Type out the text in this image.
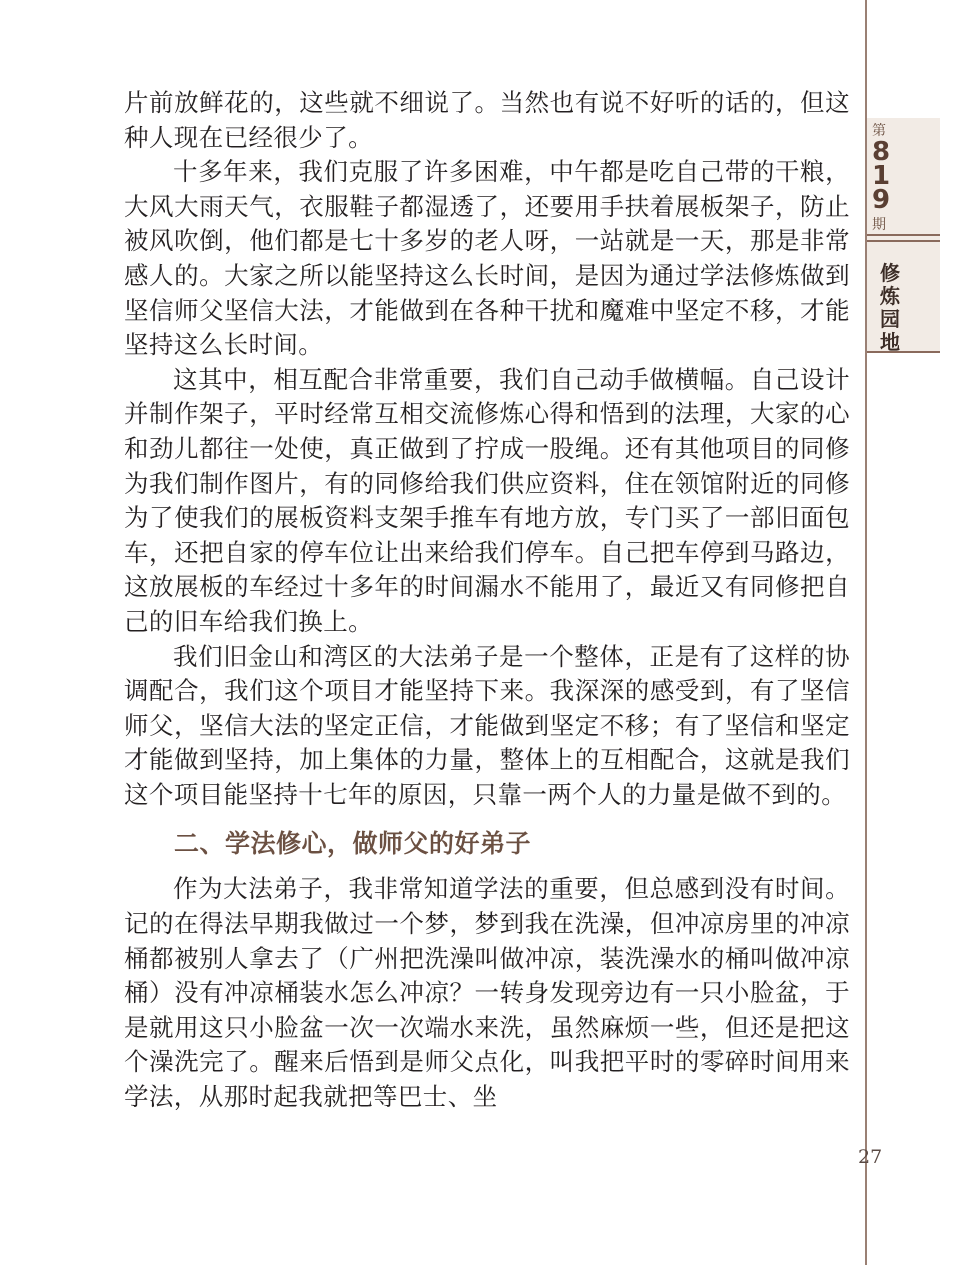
片前放鲜花的，这些就不细说了。当然也有说不好听的话的，但这种人现在已经很少了。

十多年来，我们克服了许多困难，中午都是吃自己带的干粮，大风大雨天气，衣服鞋子都湿透了，还要用手扶着展板架子，防止被风吹倒，他们都是七十多岁的老人呀，一站就是一天，那是非常感人的。大家之所以能坚持这么长时间，是因为通过学法修炼做到坚信师父坚信大法，才能做到在各种干扰和魔难中坚定不移，才能坚持这么长时间。

这其中，相互配合非常重要，我们自己动手做横幅。自己设计并制作架子，平时经常互相交流修炼心得和悟到的法理，大家的心和劲儿都往一处使，真正做到了拧成一股绳。还有其他项目的同修为我们制作图片，有的同修给我们供应资料，住在领馆附近的同修为了使我们的展板资料支架手推车有地方放，专门买了一部旧面包车，还把自家的停车位让出来给我们停车。自己把车停到马路边，这放展板的车经过十多年的时间漏水不能用了，最近又有同修把自己的旧车给我们换上。

我们旧金山和湾区的大法弟子是一个整体，正是有了这样的协调配合，我们这个项目才能坚持下来。我深深的感受到，有了坚信师父，坚信大法的坚定正信，才能做到坚定不移；有了坚信和坚定才能做到坚持，加上集体的力量，整体上的互相配合，这就是我们这个项目能坚持十七年的原因，只靠一两个人的力量是做不到的。

二、学法修心，做师父的好弟子

作为大法弟子，我非常知道学法的重要，但总感到没有时间。记的在得法早期我做过一个梦，梦到我在洗澡，但冲凉房里的冲凉桶都被别人拿去了（广州把洗澡叫做冲凉，装洗澡水的桶叫做冲凉桶）没有冲凉桶装水怎么冲凉？一转身发现旁边有一只小脸盆，于是就用这只小脸盆一次一次端水来洗，虽然麻烦一些，但还是把这个澡洗完了。醒来后悟到是师父点化，叫我把平时的零碎时间用来学法，从那时起我就把等巴士、坐

第
8
1
9
期
修
炼
园
地
27
